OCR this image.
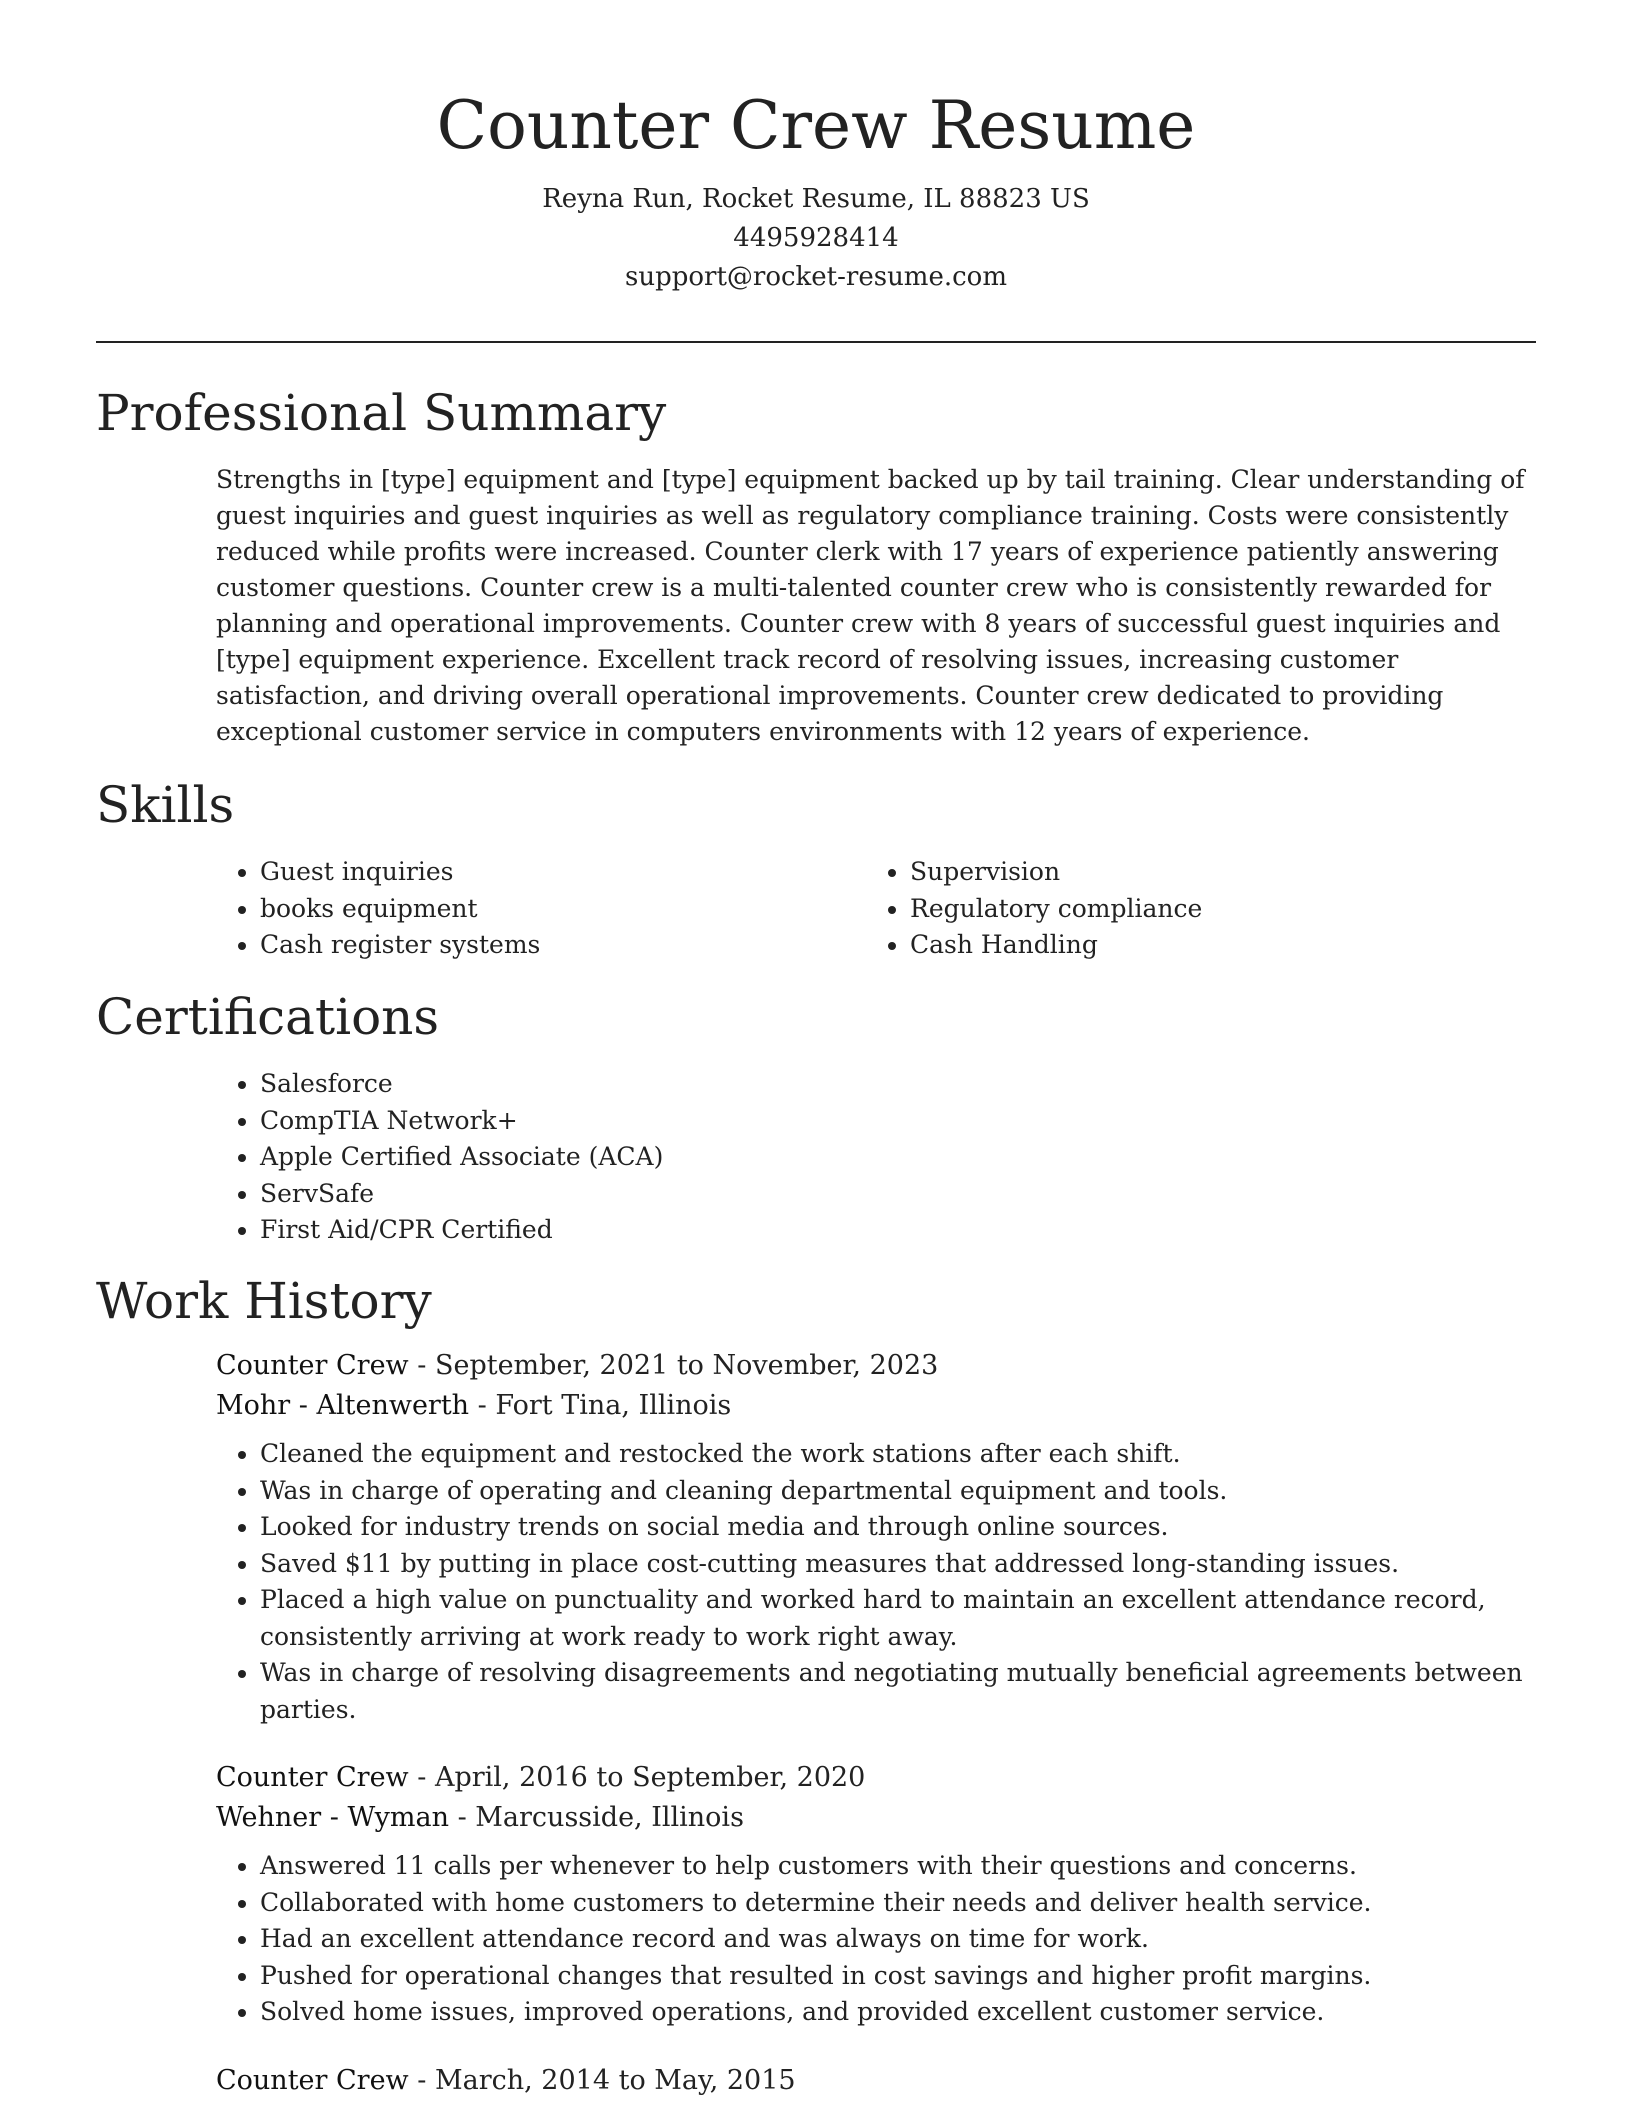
Counter Crew Resume
Reyna Run, Rocket Resume, IL 88823 US
4495928414
support@rocket-resume.com
Professional Summary
Strengths in [type] equipment and [type] equipment backed up by tail training. Clear understanding of guest inquiries and guest inquiries as well as regulatory compliance training. Costs were consistently reduced while profits were increased. Counter clerk with 17 years of experience patiently answering customer questions. Counter crew is a multi-talented counter crew who is consistently rewarded for planning and operational improvements. Counter crew with 8 years of successful guest inquiries and [type] equipment experience. Excellent track record of resolving issues, increasing customer satisfaction, and driving overall operational improvements. Counter crew dedicated to providing exceptional customer service in computers environments with 12 years of experience.
Skills
• Guest inquiries
• books equipment
• Cash register systems
• Supervision
• Regulatory compliance
• Cash Handling
Certifications
• Salesforce
• CompTIA Network+
• Apple Certified Associate (ACA)
• ServSafe
• First Aid/CPR Certified
Work History
Counter Crew - September, 2021 to November, 2023
Mohr - Altenwerth - Fort Tina, Illinois
• Cleaned the equipment and restocked the work stations after each shift.
• Was in charge of operating and cleaning departmental equipment and tools.
• Looked for industry trends on social media and through online sources.
• Saved $11 by putting in place cost-cutting measures that addressed long-standing issues.
• Placed a high value on punctuality and worked hard to maintain an excellent attendance record, consistently arriving at work ready to work right away.
• Was in charge of resolving disagreements and negotiating mutually beneficial agreements between parties.
Counter Crew - April, 2016 to September, 2020
Wehner - Wyman - Marcusside, Illinois
• Answered 11 calls per whenever to help customers with their questions and concerns.
• Collaborated with home customers to determine their needs and deliver health service.
• Had an excellent attendance record and was always on time for work.
• Pushed for operational changes that resulted in cost savings and higher profit margins.
• Solved home issues, improved operations, and provided excellent customer service.
Counter Crew - March, 2014 to May, 2015
